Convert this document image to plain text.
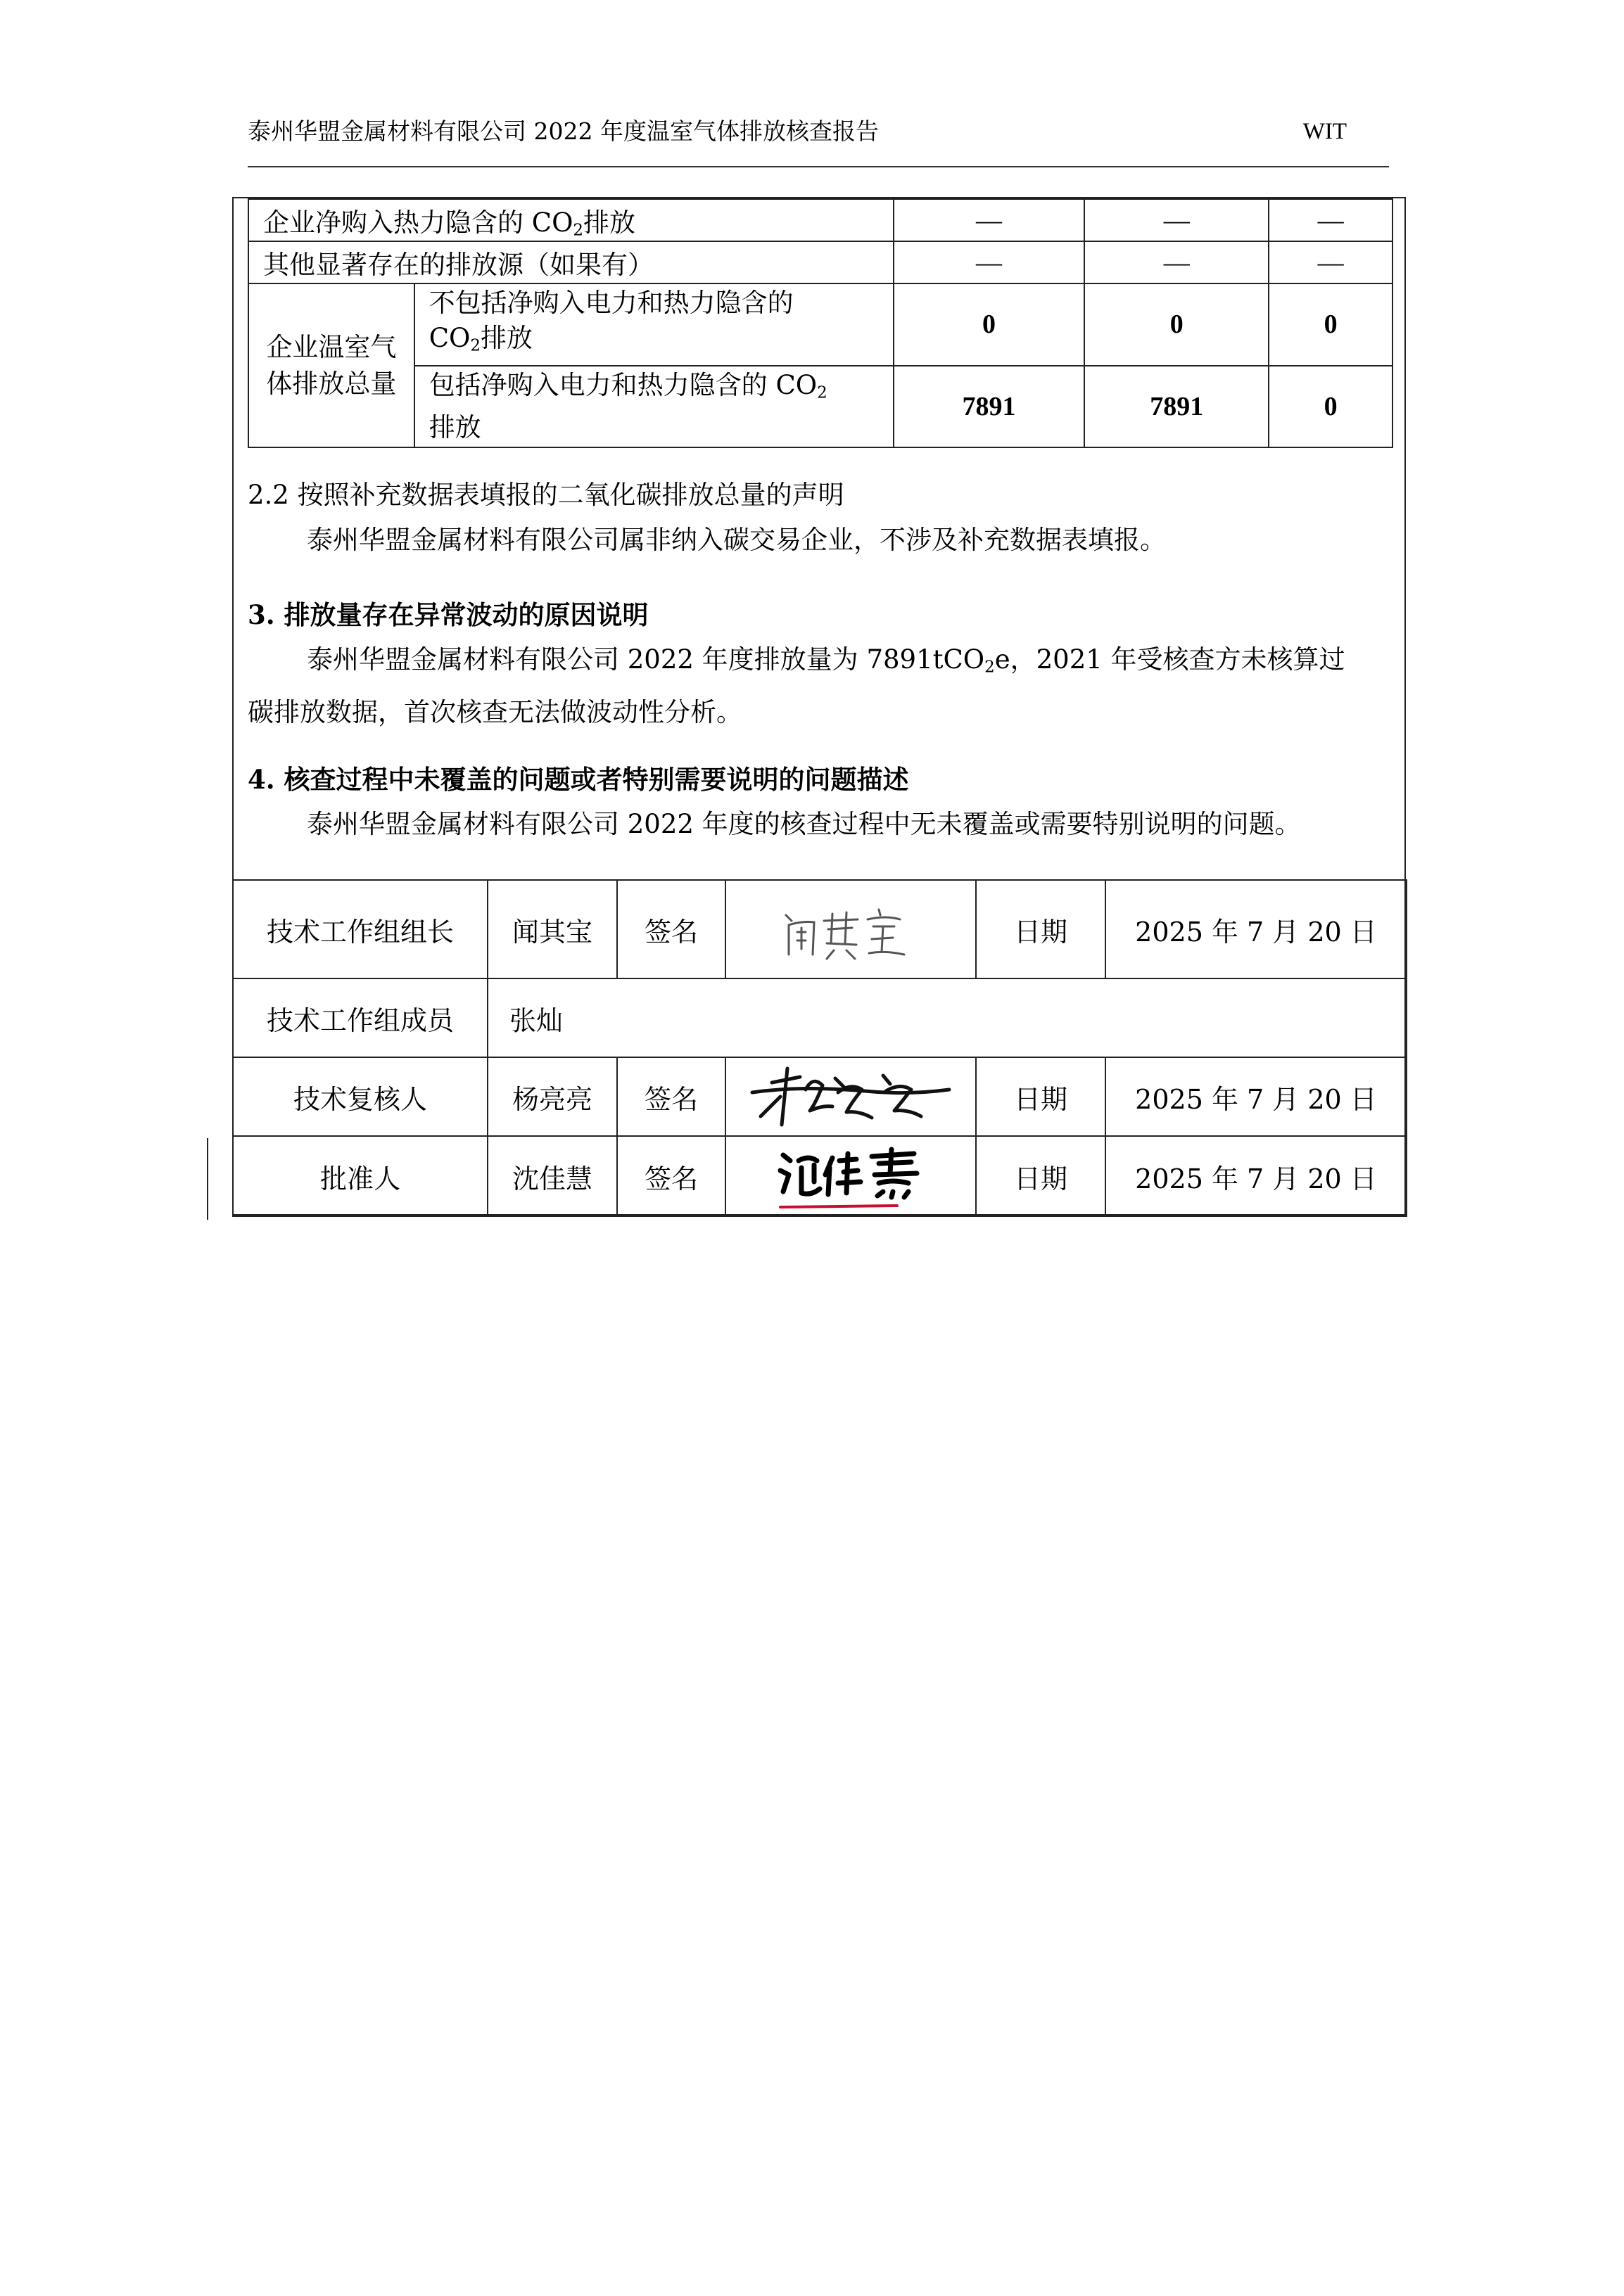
泰州华盟金属材料有限公司 2022 年度温室气体排放核查报告	WIT
企业净购入热力隐含的 $CO_2$排放		—	—	—
其他显著存在的排放源（如果有）		—	—	—
企业温室气体排放总量	不包括净购入电力和热力隐含的
$CO_2$排放	0	0	0
	包括净购入电力和热力隐含的 $CO_2$
排放	7891	7891	0
2.2 按照补充数据表填报的二氧化碳排放总量的声明
泰州华盟金属材料有限公司属非纳入碳交易企业，不涉及补充数据表填报。
3. 排放量存在异常波动的原因说明
泰州华盟金属材料有限公司 2022 年度排放量为 7891tCO$_2$e，2021 年受核查方未核算过
碳排放数据，首次核查无法做波动性分析。
4. 核查过程中未覆盖的问题或者特别需要说明的问题描述
泰州华盟金属材料有限公司 2022 年度的核查过程中无未覆盖或需要特别说明的问题。
技术工作组组长	闻其宝	签名		日期	2025 年 7 月 20 日
技术工作组成员	张灿				
技术复核人	杨亮亮	签名		日期	2025 年 7 月 20 日
批准人	沈佳慧	签名		日期	2025 年 7 月 20 日
